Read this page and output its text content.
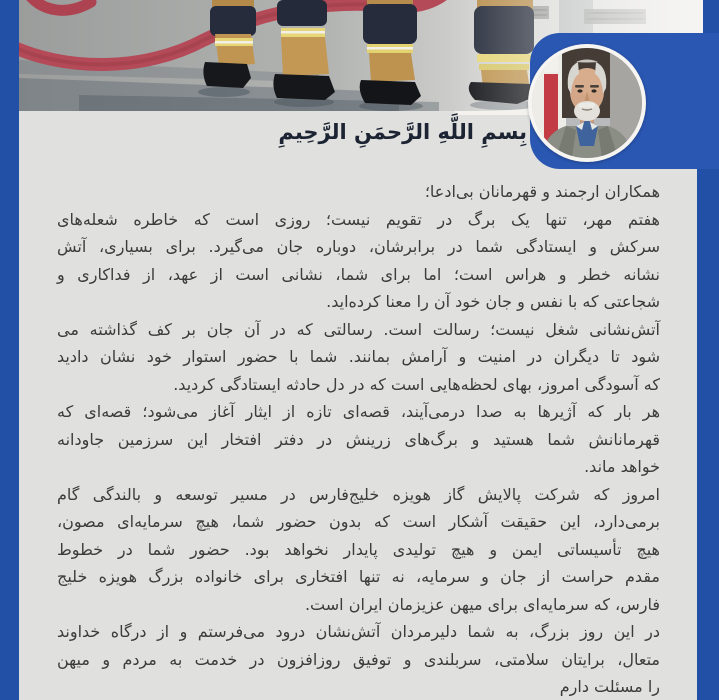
بِسمِ اللَّهِ الرَّحمَنِ الرَّحِیمِ
همکاران ارجمند و قهرمانان بی‌ادعا؛
هفتم مهر، تنها یک برگ در تقویم نیست؛ روزی است که خاطره شعله‌های
سرکش و ایستادگی شما در برابرشان، دوباره جان می‌گیرد. برای بسیاری، آتش
نشانه خطر و هراس است؛ اما برای شما، نشانی است از عهد، از فداکاری و
شجاعتی که با نفس و جان خود آن را معنا کرده‌اید.
آتش‌نشانی شغل نیست؛ رسالت است. رسالتی که در آن جان بر کف گذاشته می
شود تا دیگران در امنیت و آرامش بمانند. شما با حضور استوار خود نشان دادید
که آسودگی امروز، بهای لحظه‌هایی است که در دل حادثه ایستادگی کردید.
هر بار که آژیرها به صدا درمی‌آیند، قصه‌ای تازه از ایثار آغاز می‌شود؛ قصه‌ای که
قهرمانانش شما هستید و برگ‌های زرینش در دفتر افتخار این سرزمین جاودانه
خواهد ماند.
امروز که شرکت پالایش گاز هویزه خلیج‌فارس در مسیر توسعه و بالندگی گام
برمی‌دارد، این حقیقت آشکار است که بدون حضور شما، هیچ سرمایه‌ای مصون،
هیچ تأسیساتی ایمن و هیچ تولیدی پایدار نخواهد بود. حضور شما در خطوط
مقدم حراست از جان و سرمایه، نه تنها افتخاری برای خانواده بزرگ هویزه خلیج
فارس، که سرمایه‌ای برای میهن عزیزمان ایران است.
در این روز بزرگ، به شما دلیرمردان آتش‌نشان درود می‌فرستم و از درگاه خداوند
متعال، برایتان سلامتی، سربلندی و توفیق روزافزون در خدمت به مردم و میهن
را مسئلت دارم
